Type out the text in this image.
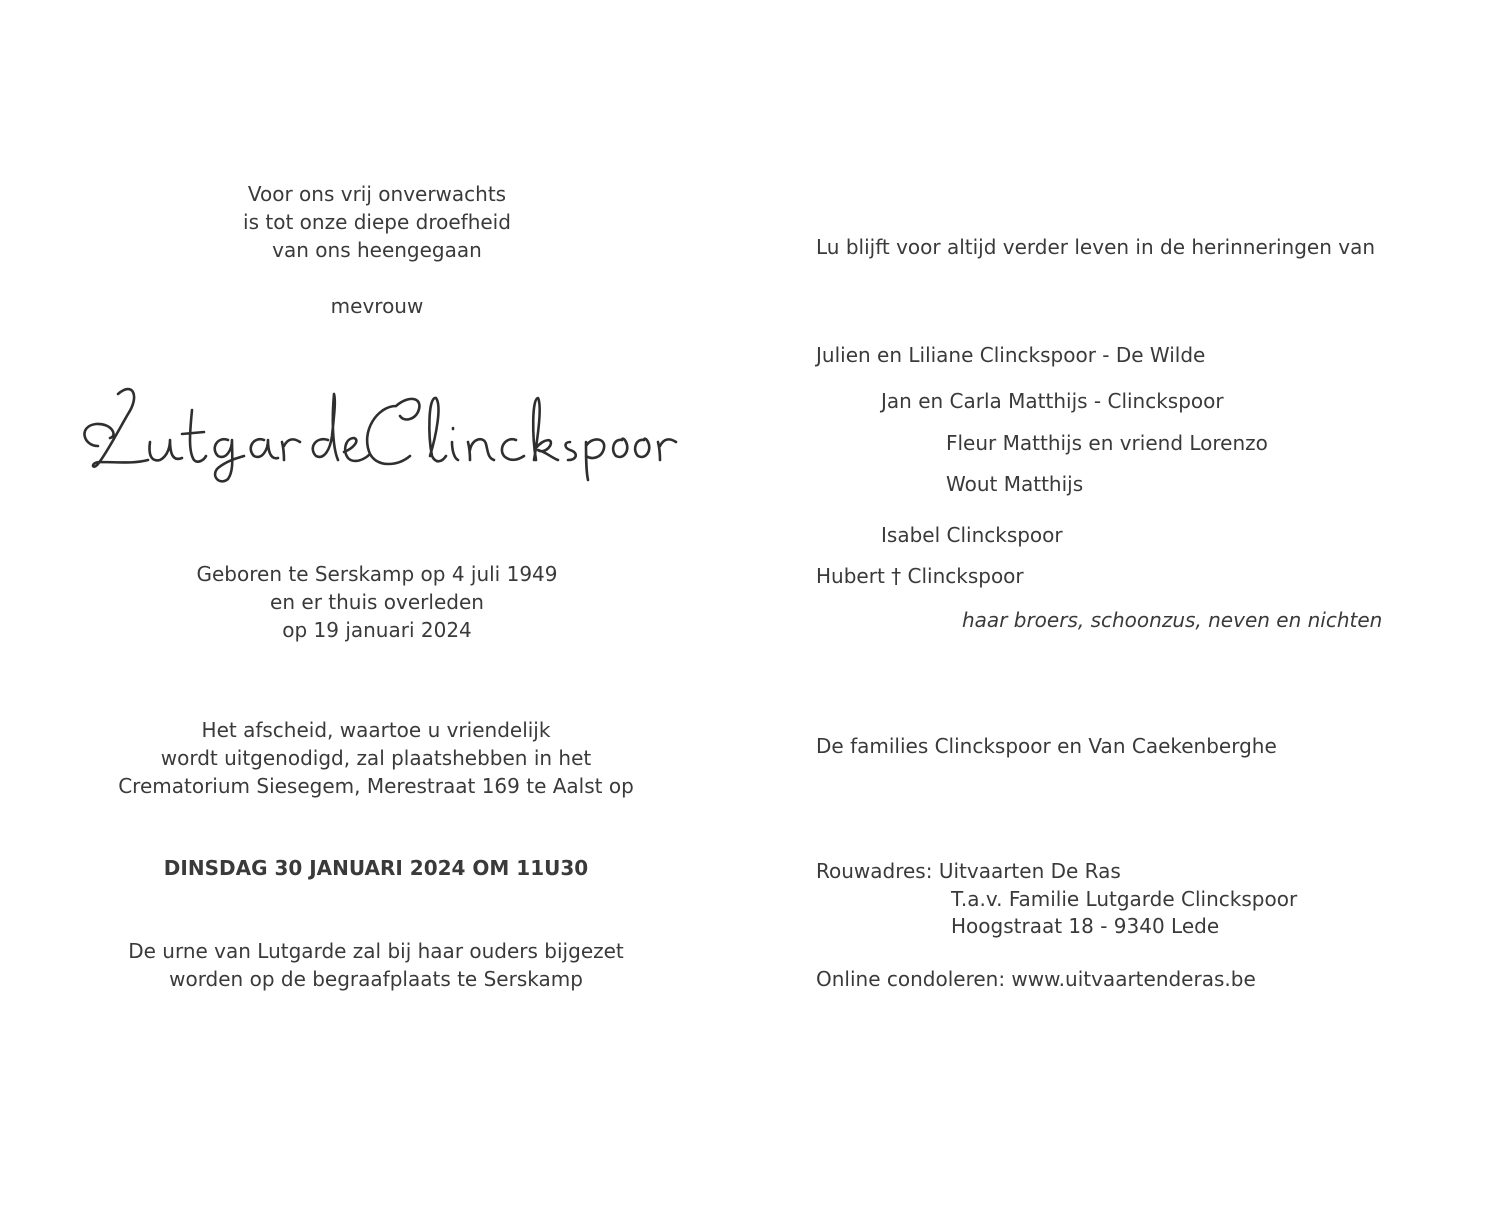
Voor ons vrij onverwachts
is tot onze diepe droefheid
van ons heengegaan
mevrouw
Geboren te Serskamp op 4 juli 1949
en er thuis overleden
op 19 januari 2024
Het afscheid, waartoe u vriendelijk
wordt uitgenodigd, zal plaatshebben in het
Crematorium Siesegem, Merestraat 169 te Aalst op
DINSDAG 30 JANUARI 2024 OM 11U30
De urne van Lutgarde zal bij haar ouders bijgezet
worden op de begraafplaats te Serskamp
Lu blijft voor altijd verder leven in de herinneringen van
Julien en Liliane Clinckspoor - De Wilde
Jan en Carla Matthijs - Clinckspoor
Fleur Matthijs en vriend Lorenzo
Wout Matthijs
Isabel Clinckspoor
Hubert † Clinckspoor
haar broers, schoonzus, neven en nichten
De families Clinckspoor en Van Caekenberghe
Rouwadres: Uitvaarten De Ras
T.a.v. Familie Lutgarde Clinckspoor
Hoogstraat 18 - 9340 Lede
Online condoleren: www.uitvaartenderas.be
